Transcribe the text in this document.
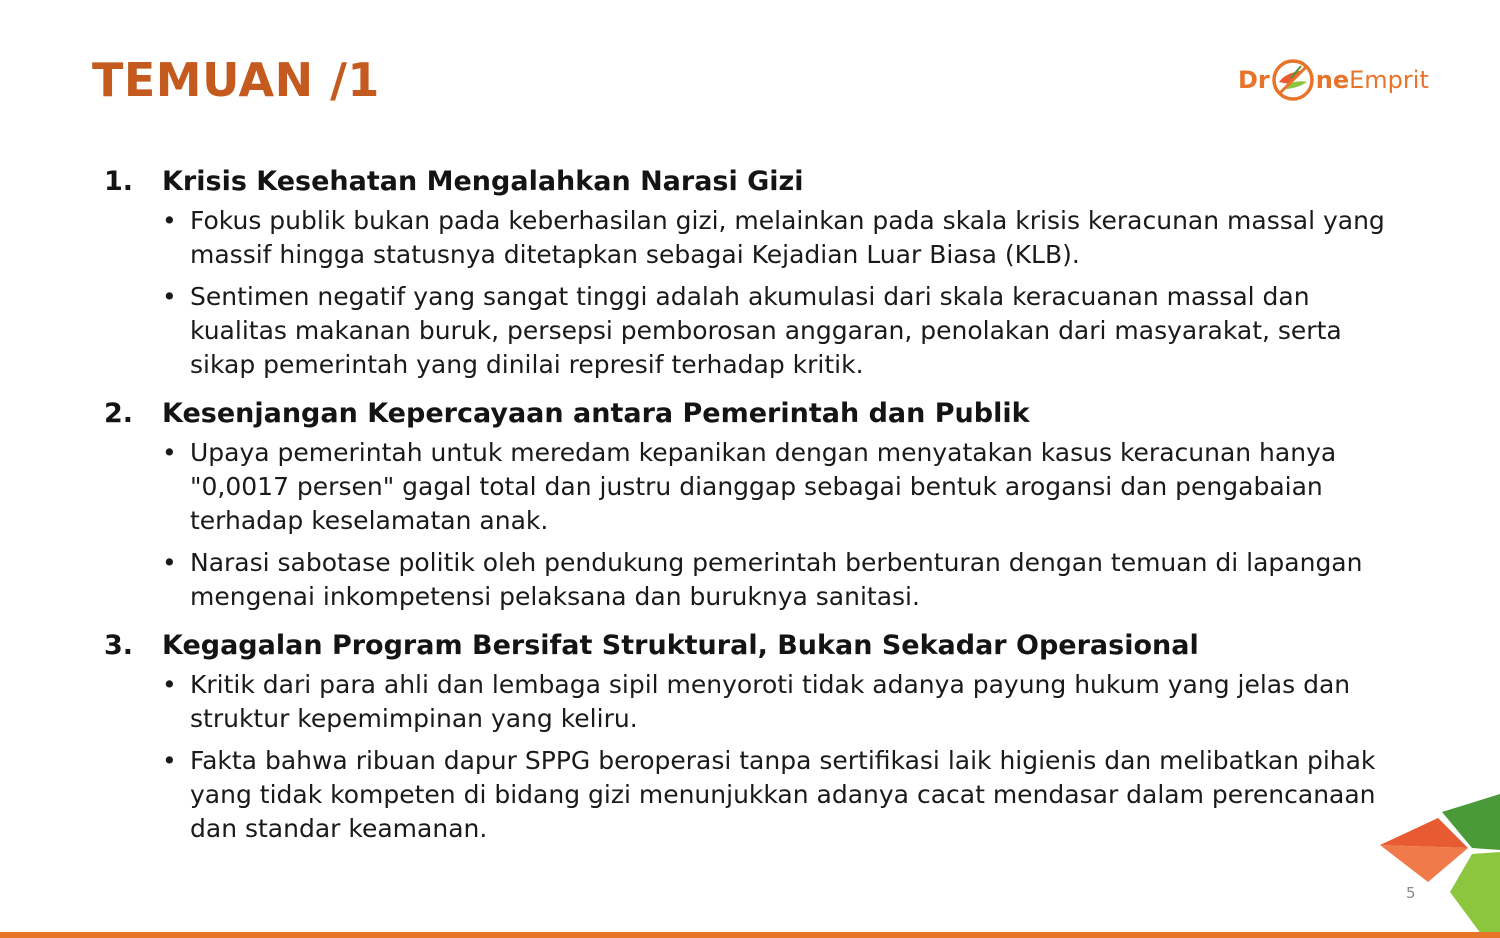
TEMUAN /1	Dr ne Emprit
1.	Krisis Kesehatan Mengalahkan Narasi Gizi
• Fokus publik bukan pada keberhasilan gizi, melainkan pada skala krisis keracunan massal yang massif hingga statusnya ditetapkan sebagai Kejadian Luar Biasa (KLB).
• Sentimen negatif yang sangat tinggi adalah akumulasi dari skala keracuanan massal dan kualitas makanan buruk, persepsi pemborosan anggaran, penolakan dari masyarakat, serta sikap pemerintah yang dinilai represif terhadap kritik.
2.	Kesenjangan Kepercayaan antara Pemerintah dan Publik
• Upaya pemerintah untuk meredam kepanikan dengan menyatakan kasus keracunan hanya "0,0017 persen" gagal total dan justru dianggap sebagai bentuk arogansi dan pengabaian terhadap keselamatan anak.
• Narasi sabotase politik oleh pendukung pemerintah berbenturan dengan temuan di lapangan mengenai inkompetensi pelaksana dan buruknya sanitasi.
3.	Kegagalan Program Bersifat Struktural, Bukan Sekadar Operasional
• Kritik dari para ahli dan lembaga sipil menyoroti tidak adanya payung hukum yang jelas dan struktur kepemimpinan yang keliru.
• Fakta bahwa ribuan dapur SPPG beroperasi tanpa sertifikasi laik higienis dan melibatkan pihak yang tidak kompeten di bidang gizi menunjukkan adanya cacat mendasar dalam perencanaan dan standar keamanan.
5
